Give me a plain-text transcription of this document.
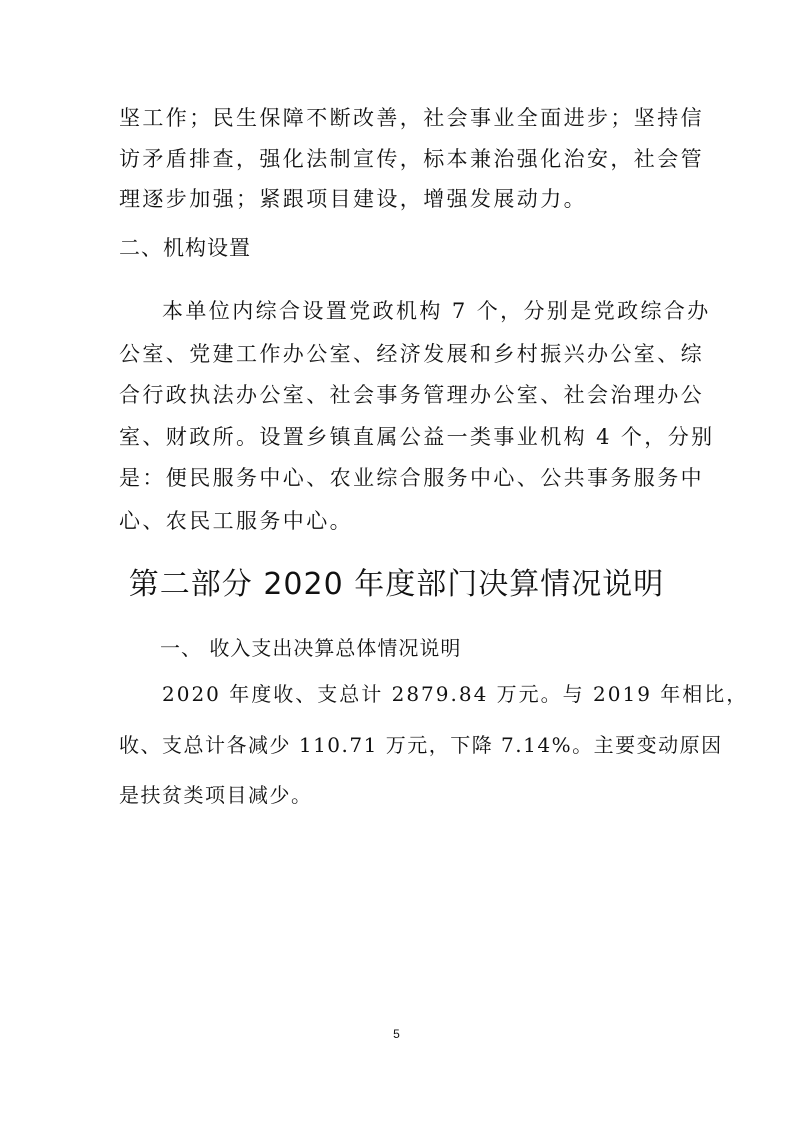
坚工作；民生保障不断改善，社会事业全面进步；坚持信
访矛盾排查，强化法制宣传，标本兼治强化治安，社会管
理逐步加强；紧跟项目建设，增强发展动力。
二、机构设置
本单位内综合设置党政机构 7 个，分别是党政综合办
公室、党建工作办公室、经济发展和乡村振兴办公室、综
合行政执法办公室、社会事务管理办公室、社会治理办公
室、财政所。设置乡镇直属公益一类事业机构 4 个，分别
是：便民服务中心、农业综合服务中心、公共事务服务中
心、农民工服务中心。
第二部分 2020 年度部门决算情况说明
一、 收入支出决算总体情况说明
2020 年度收、支总计 2879.84 万元。与 2019 年相比，
收、支总计各减少 110.71 万元，下降 7.14%。主要变动原因
是扶贫类项目减少。
5
